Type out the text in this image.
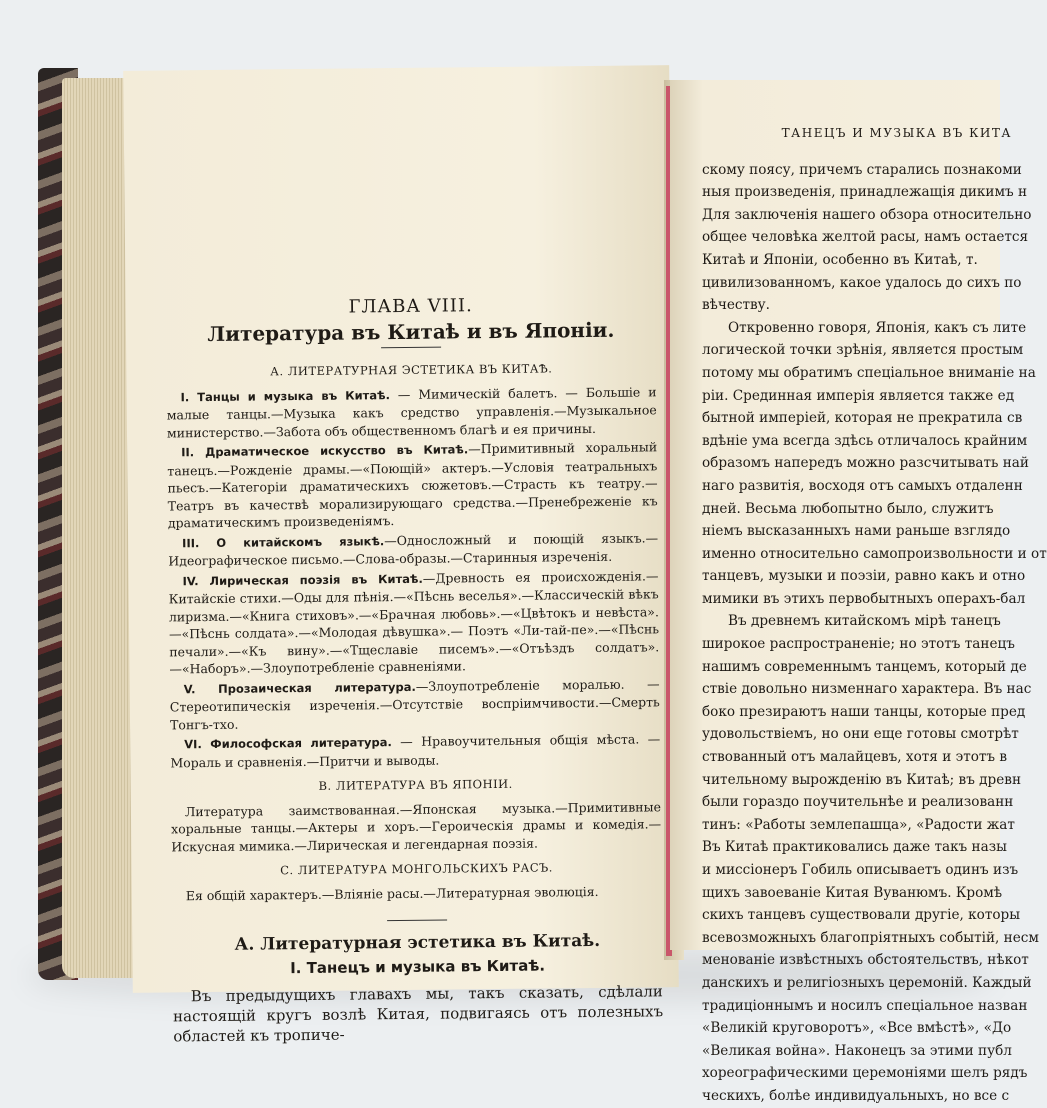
ГЛАВА VIII.
Литература въ Китаѣ и въ Японіи.
А. ЛИТЕРАТУРНАЯ ЭСТЕТИКА ВЪ КИТАѢ.

I. Танцы и музыка въ Китаѣ. — Мимическій балетъ. — Большіе и малые танцы.—Музыка какъ средство управленія.—Музыкальное министерство.—Забота объ общественномъ благѣ и ея причины.

II. Драматическое искусство въ Китаѣ.—Примитивный хоральный танецъ.—Рожденіе драмы.—«Поющій» актеръ.—Условія театральныхъ пьесъ.—Категоріи драматическихъ сюжетовъ.—Страсть къ театру.—Театръ въ качествѣ морализирующаго средства.—Пренебреженіе къ драматическимъ произведеніямъ.

III. О китайскомъ языкѣ.—Односложный и поющій языкъ.—Идеографическое письмо.—Слова-образы.—Старинныя изреченія.

IV. Лирическая поэзія въ Китаѣ.—Древность ея происхожденія.—Китайскіе стихи.—Оды для пѣнія.—«Пѣснь веселья».—Классическій вѣкъ лиризма.—«Книга стиховъ».—«Брачная любовь».—«Цвѣтокъ и невѣста».—«Пѣснь солдата».—«Молодая дѣвушка».— Поэтъ «Ли-тай-пе».—«Пѣснь печали».—«Къ вину».—«Тщеславіе писемъ».—«Отъѣздъ солдатъ».—«Наборъ».—Злоупотребленіе сравненіями.

V. Прозаическая литература.—Злоупотребленіе моралью. — Стереотипическія изреченія.—Отсутствіе воспріимчивости.—Смерть Тонгъ-тхо.

VI. Философская литература. — Нравоучительныя общія мѣста. — Мораль и сравненія.—Притчи и выводы.

В. ЛИТЕРАТУРА ВЪ ЯПОНІИ.

Литература заимствованная.—Японская музыка.—Примитивные хоральные танцы.—Актеры и хоръ.—Героическія драмы и комедія.—Искусная мимика.—Лирическая и легендарная поэзія.

С. ЛИТЕРАТУРА МОНГОЛЬСКИХЪ РАСЪ.

Ея общій характеръ.—Вліяніе расы.—Литературная эволюція.

А. Литературная эстетика въ Китаѣ.
I. Танецъ и музыка въ Китаѣ.

Въ предыдущихъ главахъ мы, такъ сказать, сдѣлали настоящій кругъ возлѣ Китая, подвигаясь отъ полезныхъ областей къ тропиче-

ТАНЕЦЪ И МУЗЫКА ВЪ КИТА

скому поясу, причемъ старались познакоми

ныя произведенія, принадлежащія дикимъ н

Для заключенія нашего обзора относительно

общее человѣка желтой расы, намъ остается

Китаѣ и Японіи, особенно въ Китаѣ, т.

цивилизованномъ, какое удалось до сихъ по

вѣчеству.

Откровенно говоря, Японія, какъ съ лите

логической точки зрѣнія, является простым

потому мы обратимъ спеціальное вниманіе на

ріи. Срединная имперія является также ед

бытной имперіей, которая не прекратила св

вдѣніе ума всегда здѣсь отличалось крайним

образомъ напередъ можно разсчитывать най

наго развитія, восходя отъ самыхъ отдаленн

дней. Весьма любопытно было, служитъ

ніемъ высказанныхъ нами раньше взглядо

именно относительно самопроизвольности и от

танцевъ, музыки и поэзіи, равно какъ и отно

мимики въ этихъ первобытныхъ операхъ-бал

Въ древнемъ китайскомъ мірѣ танецъ

широкое распространеніе; но этотъ танецъ

нашимъ современнымъ танцемъ, который де

ствіе довольно низменнаго характера. Въ нас

боко презираютъ наши танцы, которые пред

удовольствіемъ, но они еще готовы смотрѣт

ствованный отъ малайцевъ, хотя и этотъ в

чительному вырожденію въ Китаѣ; въ древн

были гораздо поучительнѣе и реализованн

тинъ: «Работы землепашца», «Радости жат

Въ Китаѣ практиковались даже такъ назы

и миссіонеръ Гобиль описываетъ одинъ изъ

щихъ завоеваніе Китая Вуванюмъ. Кромѣ

скихъ танцевъ существовали другіе, которы

всевозможныхъ благопріятныхъ событій, несм

менованіе извѣстныхъ обстоятельствъ, нѣкот

данскихъ и религіозныхъ церемоній. Каждый

традиціоннымъ и носилъ спеціальное назван

«Великій круговоротъ», «Все вмѣстѣ», «До

«Великая война». Наконецъ за этими публ

хореографическими церемоніями шелъ рядъ

ческихъ, болѣе индивидуальныхъ, но все с
